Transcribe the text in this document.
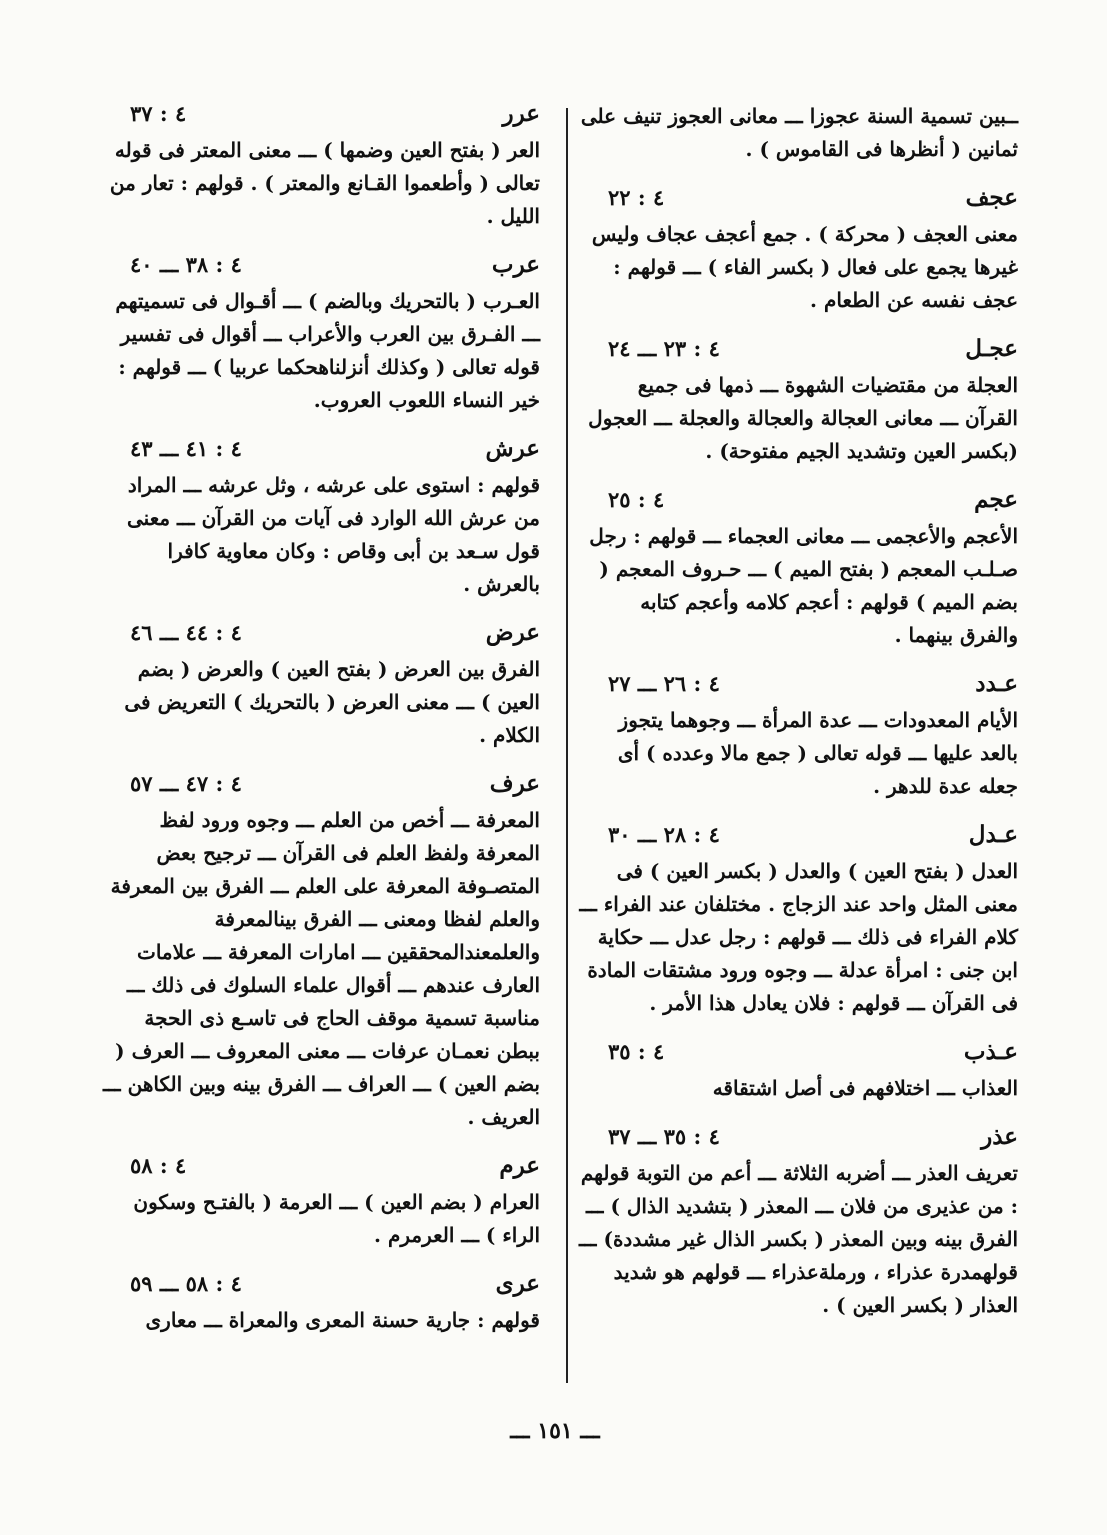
ــبين تسمية السنة عجوزا ـــ معانى العجوز تنيف على ثمانين ( أنظرها فى القاموس ) .
عجف
٤ : ٢٢
معنى العجف ( محركة ) . جمع أعجف عجاف وليس غيرها يجمع على فعال ( بكسر الفاء ) ـــ قولهم : عجف نفسه عن الطعام .
عجـل
٤ : ٢٣ ـــ ٢٤
العجلة من مقتضيات الشهوة ـــ ذمها فى جميع القرآن ـــ معانى العجالة والعجالة والعجلة ـــ العجول (بكسر العين وتشديد الجيم مفتوحة) .
عجم
٤ : ٢٥
الأعجم والأعجمى ـــ معانى العجماء ـــ قولهم : رجل صـلـب المعجم ( بفتح الميم ) ـــ حـروف المعجم ( بضم الميم ) قولهم : أعجم كلامه وأعجم كتابه والفرق بينهما .
عـدد
٤ : ٢٦ ـــ ٢٧
الأيام المعدودات ـــ عدة المرأة ـــ وجوهما يتجوز بالعد عليها ـــ قوله تعالى ( جمع مالا وعدده ) أى جعله عدة للدهر .
عـدل
٤ : ٢٨ ـــ ٣٠
العدل ( بفتح العين ) والعدل ( بكسر العين ) فى معنى المثل واحد عند الزجاج . مختلفان عند الفراء ـــ كلام الفراء فى ذلك ـــ قولهم : رجل عدل ـــ حكاية ابن جنى : امرأة عدلة ـــ وجوه ورود مشتقات المادة فى القرآن ـــ قولهم : فلان يعادل هذا الأمر .
عـذب
٤ : ٣٥
العذاب ـــ اختلافهم فى أصل اشتقاقه
عذر
٤ : ٣٥ ـــ ٣٧
تعريف العذر ـــ أضربه الثلاثة ـــ أعم من التوبة قولهم : من عذيرى من فلان ـــ المعذر ( بتشديد الذال ) ـــ الفرق بينه وبين المعذر ( بكسر الذال غير مشددة) ـــ قولهمدرة عذراء ، ورملةعذراء ـــ قولهم هو شديد العذار ( بكسر العين ) .
عرر
٤ : ٣٧
العر ( بفتح العين وضمها ) ـــ معنى المعتر فى قوله تعالى ( وأطعموا القـانع والمعتر ) . قولهم : تعار من الليل .
عرب
٤ : ٣٨ ـــ ٤٠
العـرب ( بالتحريك وبالضم ) ـــ أقـوال فى تسميتهم ـــ الفـرق بين العرب والأعراب ـــ أقوال فى تفسير قوله تعالى ( وكذلك أنزلناهحكما عربيا ) ـــ قولهم : خير النساء اللعوب العروب.
عرش
٤ : ٤١ ـــ ٤٣
قولهم : استوى على عرشه ، وثل عرشه ـــ المراد من عرش الله الوارد فى آيات من القرآن ـــ معنى قول سـعد بن أبى وقاص : وكان معاوية كافرا بالعرش .
عرض
٤ : ٤٤ ـــ ٤٦
الفرق بين العرض ( بفتح العين ) والعرض ( بضم العين ) ـــ معنى العرض ( بالتحريك ) التعريض فى الكلام .
عرف
٤ : ٤٧ ـــ ٥٧
المعرفة ـــ أخص من العلم ـــ وجوه ورود لفظ المعرفة ولفظ العلم فى القرآن ـــ ترجيح بعض المتصـوفة المعرفة على العلم ـــ الفرق بين المعرفة والعلم لفظا ومعنى ـــ الفرق بينالمعرفة والعلمعندالمحققين ـــ امارات المعرفة ـــ علامات العارف عندهم ـــ أقوال علماء السلوك فى ذلك ـــ مناسبة تسمية موقف الحاج فى تاسـع ذى الحجة ببطن نعمـان عرفات ـــ معنى المعروف ـــ العرف ( بضم العين ) ـــ العراف ـــ الفرق بينه وبين الكاهن ـــ العريف .
عرم
٤ : ٥٨
العرام ( بضم العين ) ـــ العرمة ( بالفتـح وسكون الراء ) ـــ العرمرم .
عرى
٤ : ٥٨ ـــ ٥٩
قولهم : جارية حسنة المعرى والمعراة ـــ معارى
ـــ ١٥١ ـــ
